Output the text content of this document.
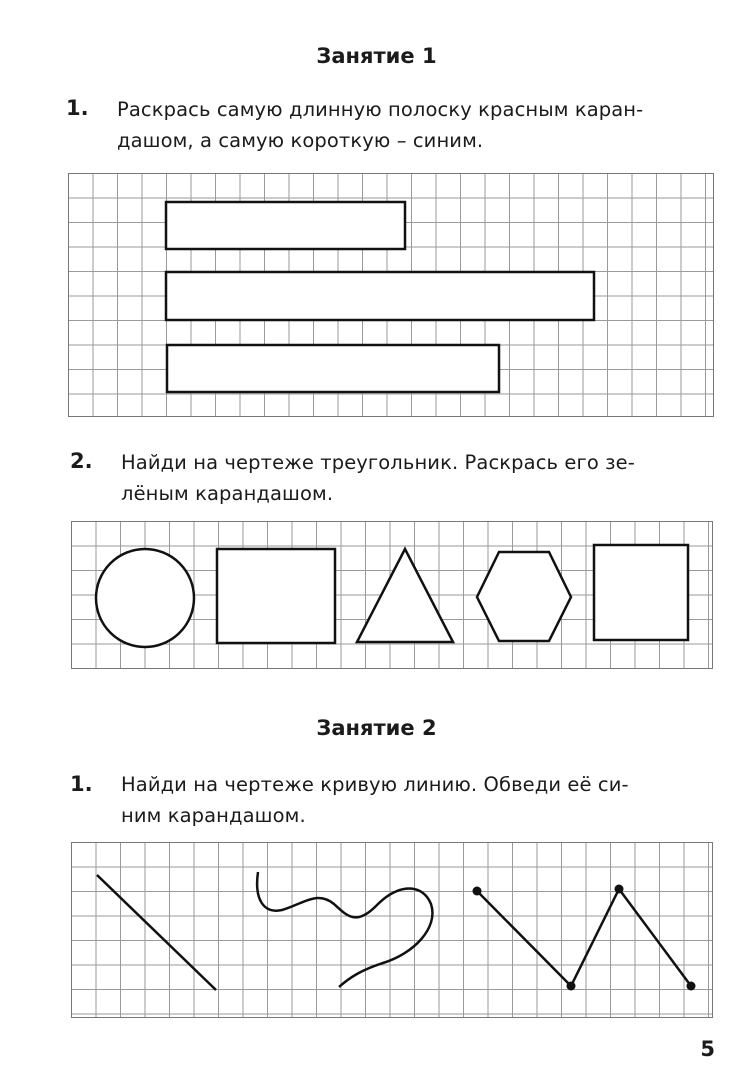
Занятие 1
1. Раскрась самую длинную полоску красным каран-
дашом, а самую короткую – синим.
2. Найди на чертеже треугольник. Раскрась его зе-
лёным карандашом.
Занятие 2
1. Найди на чертеже кривую линию. Обведи её си-
ним карандашом.
5
